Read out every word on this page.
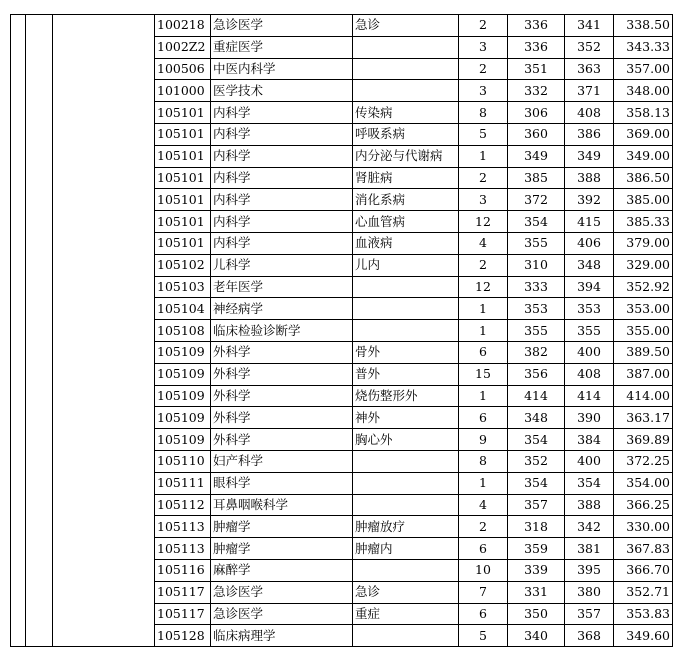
			100218	急诊医学	急诊	2	336	341	338.50
			1002Z2	重症医学		3	336	352	343.33
			100506	中医内科学		2	351	363	357.00
			101000	医学技术		3	332	371	348.00
			105101	内科学	传染病	8	306	408	358.13
			105101	内科学	呼吸系病	5	360	386	369.00
			105101	内科学	内分泌与代谢病	1	349	349	349.00
			105101	内科学	肾脏病	2	385	388	386.50
			105101	内科学	消化系病	3	372	392	385.00
			105101	内科学	心血管病	12	354	415	385.33
			105101	内科学	血液病	4	355	406	379.00
			105102	儿科学	儿内	2	310	348	329.00
			105103	老年医学		12	333	394	352.92
			105104	神经病学		1	353	353	353.00
			105108	临床检验诊断学		1	355	355	355.00
			105109	外科学	骨外	6	382	400	389.50
			105109	外科学	普外	15	356	408	387.00
			105109	外科学	烧伤整形外	1	414	414	414.00
			105109	外科学	神外	6	348	390	363.17
			105109	外科学	胸心外	9	354	384	369.89
			105110	妇产科学		8	352	400	372.25
			105111	眼科学		1	354	354	354.00
			105112	耳鼻咽喉科学		4	357	388	366.25
			105113	肿瘤学	肿瘤放疗	2	318	342	330.00
			105113	肿瘤学	肿瘤内	6	359	381	367.83
			105116	麻醉学		10	339	395	366.70
			105117	急诊医学	急诊	7	331	380	352.71
			105117	急诊医学	重症	6	350	357	353.83
			105128	临床病理学		5	340	368	349.60
